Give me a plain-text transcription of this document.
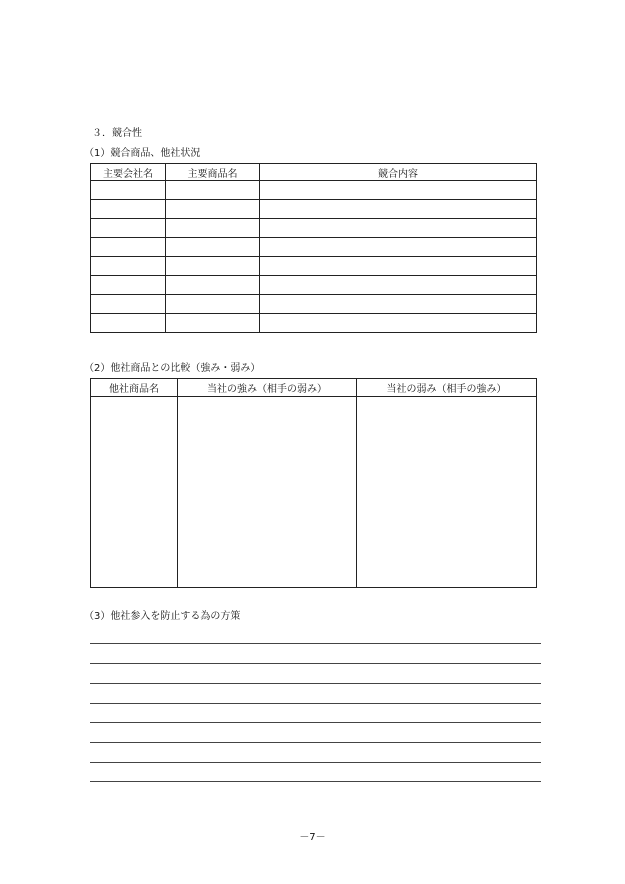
３．競合性
（1）競合商品、他社状況
主要会社名	主要商品名	競合内容

（2）他社商品との比較（強み・弱み）
他社商品名	当社の強み（相手の弱み）	当社の弱み（相手の強み）

（3）他社参入を防止する為の方策
－7－
